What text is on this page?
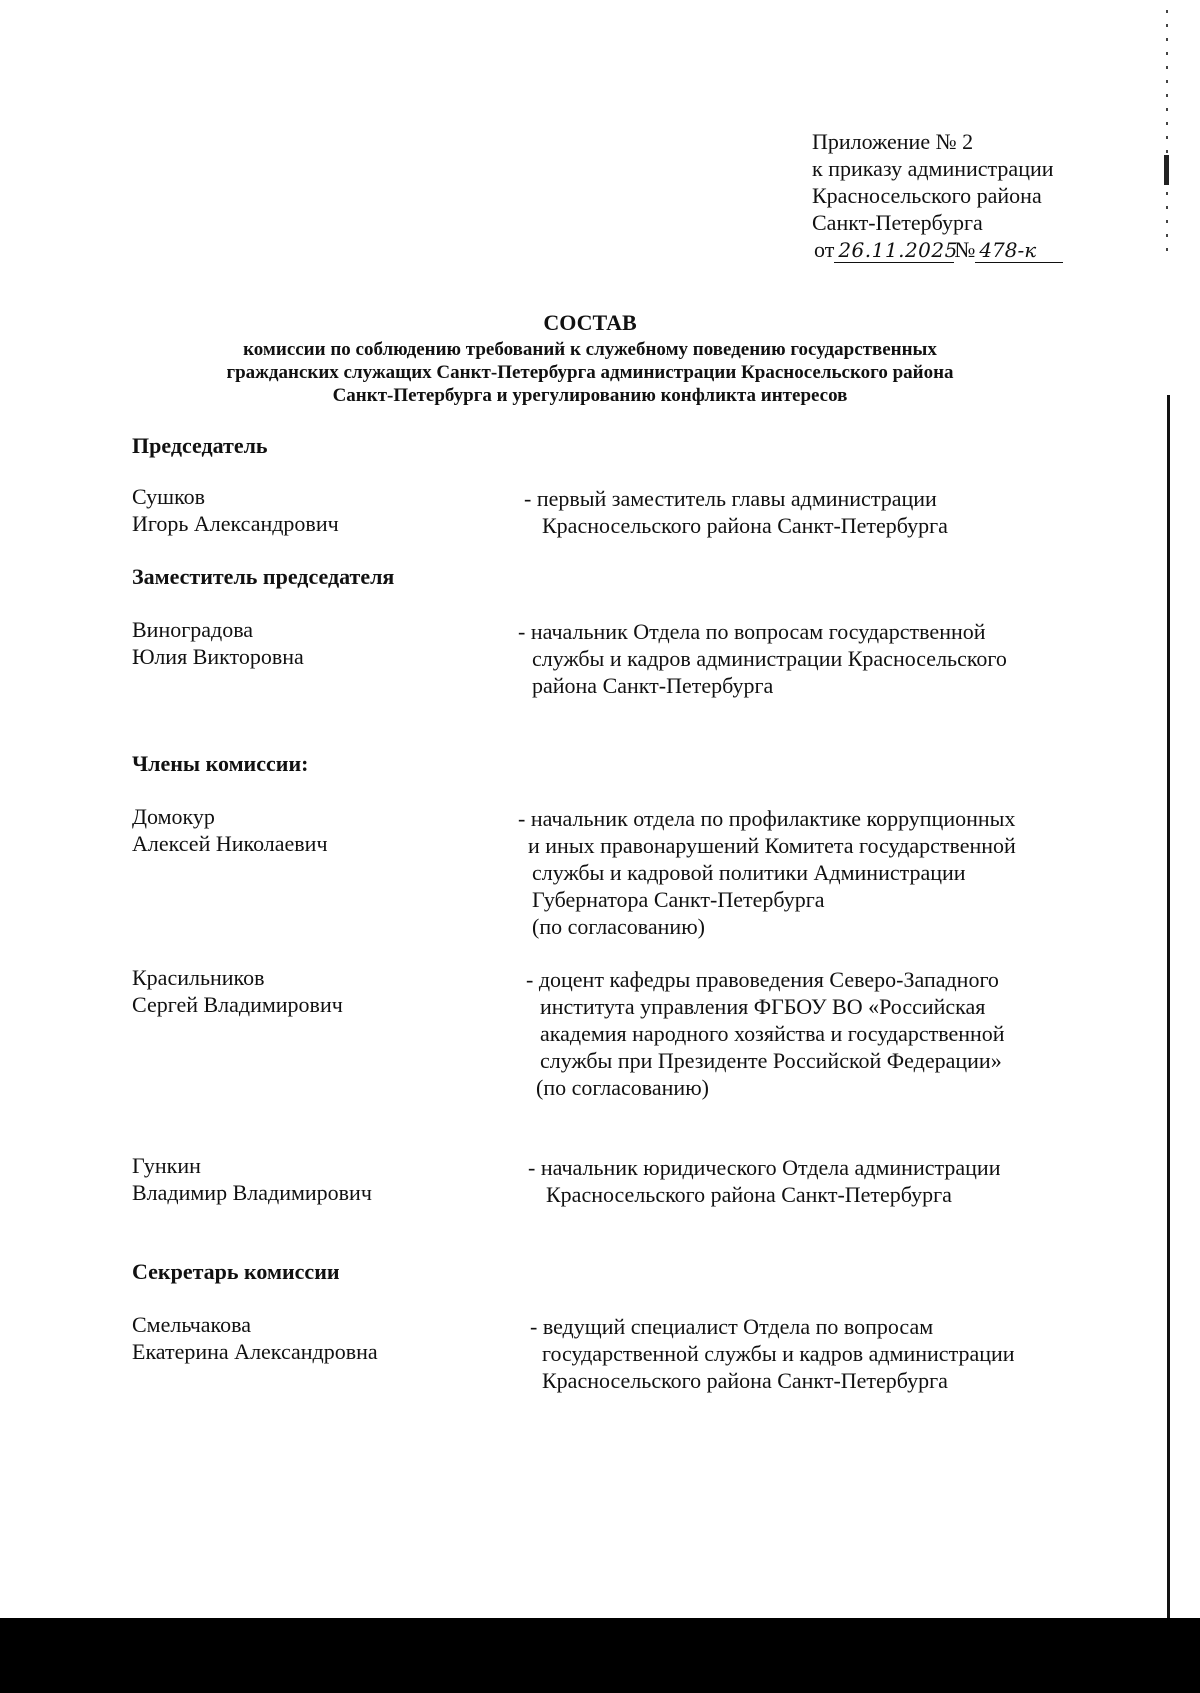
Приложение № 2
к приказу администрации
Красносельского района
Санкт-Петербурга
от 26.11.2025
№ 478-к
СОСТАВ
комиссии по соблюдению требований к служебному поведению государственных
гражданских служащих Санкт-Петербурга администрации Красносельского района
Санкт-Петербурга и урегулированию конфликта интересов
Председатель
Сушков
Игорь Александрович
- первый заместитель главы администрации
Красносельского района Санкт-Петербурга
Заместитель председателя
Виноградова
Юлия Викторовна
- начальник Отдела по вопросам государственной
службы и кадров администрации Красносельского
района Санкт-Петербурга
Члены комиссии:
Домокур
Алексей Николаевич
- начальник отдела по профилактике коррупционных
и иных правонарушений Комитета государственной
службы и кадровой политики Администрации
Губернатора Санкт-Петербурга
(по согласованию)
Красильников
Сергей Владимирович
- доцент кафедры правоведения Северо-Западного
института управления ФГБОУ ВО «Российская
академия народного хозяйства и государственной
службы при Президенте Российской Федерации»
(по согласованию)
Гункин
Владимир Владимирович
- начальник юридического Отдела администрации
Красносельского района Санкт-Петербурга
Секретарь комиссии
Смельчакова
Екатерина Александровна
- ведущий специалист Отдела по вопросам
государственной службы и кадров администрации
Красносельского района Санкт-Петербурга
